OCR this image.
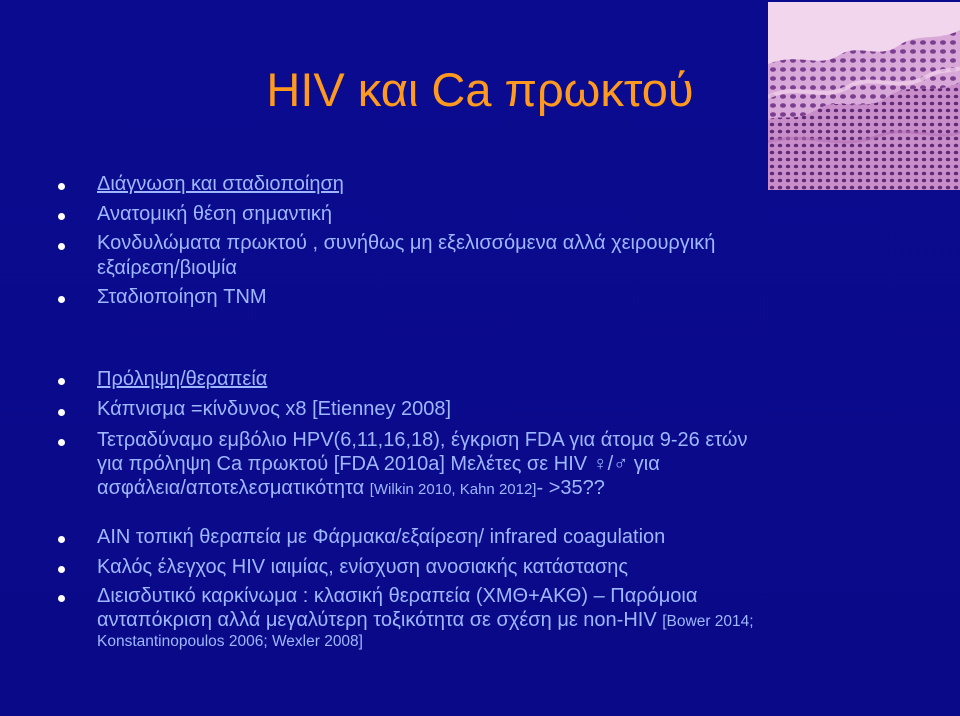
HIV και Ca πρωκτού
Διάγνωση και σταδιοποίηση
Ανατομική θέση σημαντική
Κονδυλώματα πρωκτού , συνήθως μη εξελισσόμενα αλλά χειρουργική
εξαίρεση/βιοψία
Σταδιοποίηση TNM
Πρόληψη/θεραπεία
Κάπνισμα =κίνδυνος x8 [Etienney 2008]
Τετραδύναμο εμβόλιο HPV(6,11,16,18), έγκριση FDA για άτομα 9-26 ετών
για πρόληψη Ca πρωκτού [FDA 2010a] Μελέτες σε HIV ♀/♂ για
ασφάλεια/αποτελεσματικότητα [Wilkin 2010, Kahn 2012]- >35??
AIN τοπική θεραπεία με Φάρμακα/εξαίρεση/ infrared coagulation
Καλός έλεγχος HIV ιαιμίας, ενίσχυση ανοσιακής κατάστασης
Διεισδυτικό καρκίνωμα : κλασική θεραπεία (ΧΜΘ+ΑΚΘ) – Παρόμοια
ανταπόκριση αλλά μεγαλύτερη τοξικότητα σε σχέση με non-HIV [Bower 2014;
Konstantinopoulos 2006; Wexler 2008]
